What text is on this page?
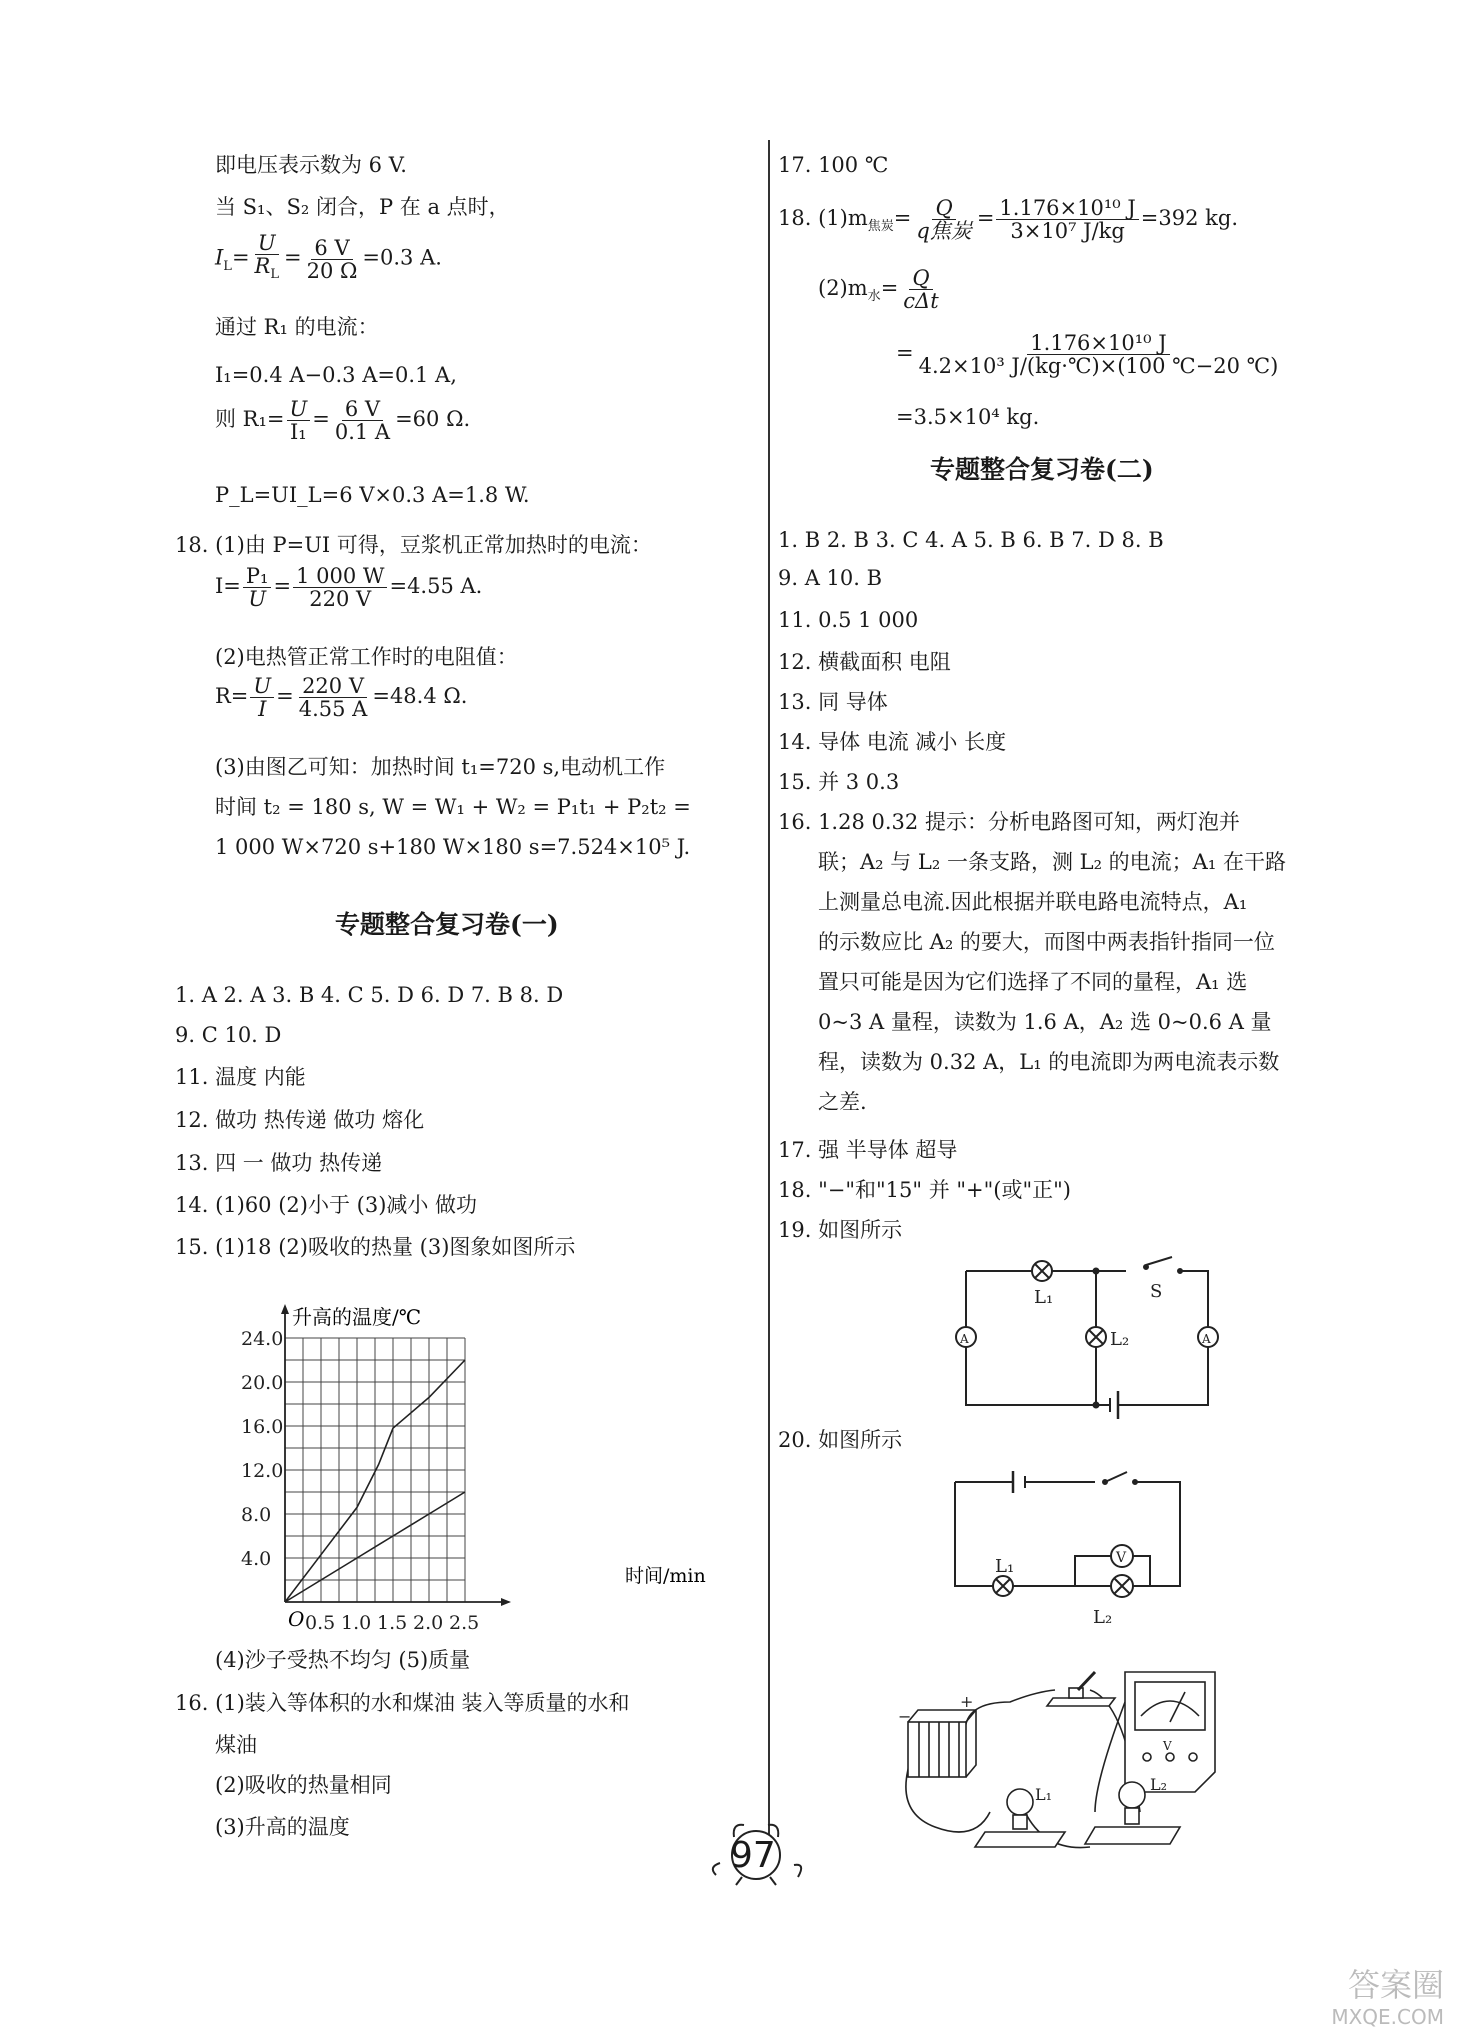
即电压表示数为 6 V.
当 S₁、S₂ 闭合，P 在 a 点时，
$I_L= \frac{U}{R_L} = \frac{6 V}{20 \Omega} =0.3$ A.
通过 R₁ 的电流：
I₁=0.4 A−0.3 A=0.1 A,
则 $R_1= \frac{U}{\text{I₁}} = \frac{6 V}{0.1 A} =60$ Ω.
P_L=UI_L=6 V×0.3 A=1.8 W.
18. (1)由 P=UI 可得，豆浆机正常加热时的电流：
$I= \frac{\text{P₁}}{U} = \frac{1 000 W}{220 V} =4.55$ A.
(2)电热管正常工作时的电阻值：
$R= \frac{U}{I} = \frac{220 V}{4.55 A} =48.4$ Ω.
(3)由图乙可知：加热时间 t₁=720 s,电动机工作
时间 t₂ = 180 s, W = W₁ + W₂ = P₁t₁ + P₂t₂ =
1 000 W×720 s+180 W×180 s=7.524×10⁵ J.
专题整合复习卷(一)
1. A 2. A 3. B 4. C 5. D 6. D 7. B 8. D
9. C 10. D
11. 温度 内能
12. 做功 热传递 做功 熔化
13. 四 一 做功 热传递
14. (1)60 (2)小于 (3)减小 做功
15. (1)18 (2)吸收的热量 (3)图象如图所示
(4)沙子受热不均匀 (5)质量
16. (1)装入等体积的水和煤油 装入等质量的水和
煤油
(2)吸收的热量相同
(3)升高的温度
0.5 1.0 1.5 2.0 2.5
4.0
8.0
12.0
16.0
20.0
24.0
升高的温度/℃
时间/min
O
17. 100 ℃
18. $(1)m_{焦炭}= Q$
q焦炭
= $\frac{\text{1.176×10¹⁰ J}}{\text{3×10⁷ J/kg}} =392$ kg.
$(2)m_水= Q$
cΔt
= $\frac{\text{1.176×10¹⁰ J}}{\text{4.2×10³ J/(kg·℃)×(100 ℃−20 ℃)}}$
=3.5×10⁴ kg.
专题整合复习卷(二)
1. B 2. B 3. C 4. A 5. B 6. B 7. D 8. B
9. A 10. B
11. 0.5 1 000
12. 横截面积 电阻
13. 同 导体
14. 导体 电流 减小 长度
15. 并 3 0.3
16. 1.28 0.32 提示：分析电路图可知，两灯泡并
联；A₂ 与 L₂ 一条支路，测 L₂ 的电流；A₁ 在干路
上测量总电流.因此根据并联电路电流特点，A₁
的示数应比 A₂ 的要大，而图中两表指针指同一位
置只可能是因为它们选择了不同的量程，A₁ 选
0~3 A 量程，读数为 1.6 A，A₂ 选 0~0.6 A 量
程，读数为 0.32 A，L₁ 的电流即为两电流表示数
之差.
17. 强 半导体 超导
18. "−"和"15" 并 "+"(或"正")
19. 如图所示
20. 如图所示
L₁
L₂
S
A	A
L₁
L₂
V
L₁
L₂
V
+
−
97
答案圈
MXQE.COM
